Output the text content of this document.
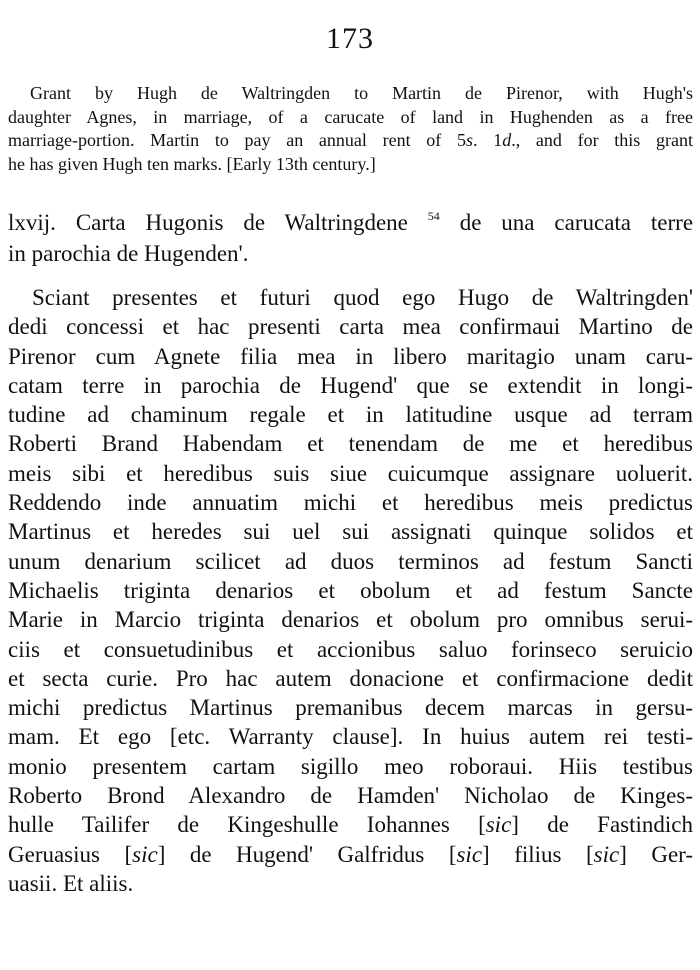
173
Grant by Hugh de Waltringden to Martin de Pirenor, with Hugh's
daughter Agnes, in marriage, of a carucate of land in Hughenden as a free
marriage-portion. Martin to pay an annual rent of 5s. 1d., and for this grant
he has given Hugh ten marks. [Early 13th century.]
lxvij. Carta Hugonis de Waltringdene $^{54}$ de una carucata terre
in parochia de Hugenden'.
Sciant presentes et futuri quod ego Hugo de Waltringden'
dedi concessi et hac presenti carta mea confirmaui Martino de
Pirenor cum Agnete filia mea in libero maritagio unam caru-
catam terre in parochia de Hugend' que se extendit in longi-
tudine ad chaminum regale et in latitudine usque ad terram
Roberti Brand Habendam et tenendam de me et heredibus
meis sibi et heredibus suis siue cuicumque assignare uoluerit.
Reddendo inde annuatim michi et heredibus meis predictus
Martinus et heredes sui uel sui assignati quinque solidos et
unum denarium scilicet ad duos terminos ad festum Sancti
Michaelis triginta denarios et obolum et ad festum Sancte
Marie in Marcio triginta denarios et obolum pro omnibus serui-
ciis et consuetudinibus et accionibus saluo forinseco seruicio
et secta curie. Pro hac autem donacione et confirmacione dedit
michi predictus Martinus premanibus decem marcas in gersu-
mam. Et ego [etc. Warranty clause]. In huius autem rei testi-
monio presentem cartam sigillo meo roboraui. Hiis testibus
Roberto Brond Alexandro de Hamden' Nicholao de Kinges-
hulle Tailifer de Kingeshulle Iohannes [sic] de Fastindich
Geruasius [sic] de Hugend' Galfridus [sic] filius [sic] Ger-
uasii. Et aliis.
